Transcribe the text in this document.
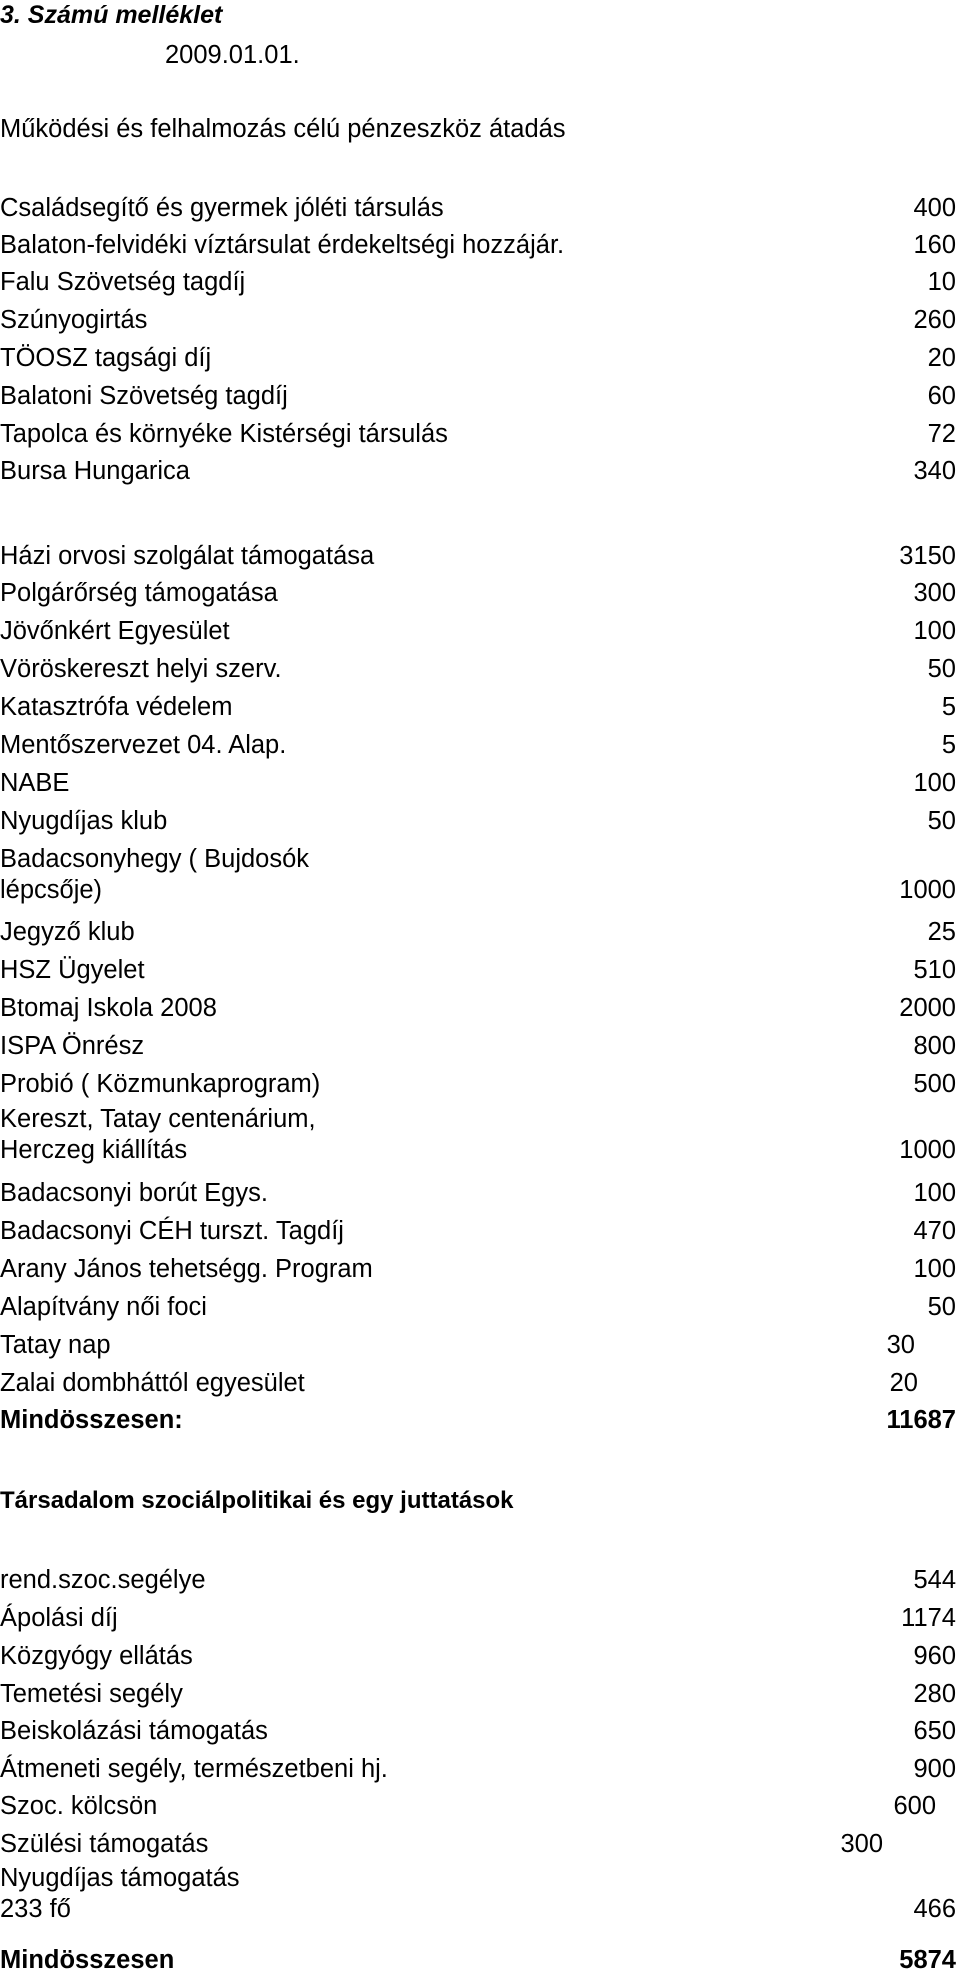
3. Számú melléklet
2009.01.01.
Működési és felhalmozás célú pénzeszköz átadás
Családsegítő és gyermek jóléti társulás	400
Balaton-felvidéki víztársulat érdekeltségi hozzájár.	160
Falu Szövetség tagdíj	10
Szúnyogirtás	260
TÖOSZ tagsági díj	20
Balatoni Szövetség tagdíj	60
Tapolca és környéke Kistérségi társulás	72
Bursa Hungarica	340
Házi orvosi szolgálat támogatása	3150
Polgárőrség támogatása	300
Jövőnkért Egyesület	100
Vöröskereszt helyi szerv.	50
Katasztrófa védelem	5
Mentőszervezet 04. Alap.	5
NABE	100
Nyugdíjas klub	50
Badacsonyhegy ( Bujdosók
lépcsője)	1000
Jegyző klub	25
HSZ Ügyelet	510
Btomaj Iskola 2008	2000
ISPA Önrész	800
Probió ( Közmunkaprogram)	500
Kereszt, Tatay centenárium,
Herczeg kiállítás	1000
Badacsonyi borút Egys.	100
Badacsonyi CÉH turszt. Tagdíj	470
Arany János tehetségg. Program	100
Alapítvány női foci	50
Tatay nap	30
Zalai dombháttól egyesület	20
Mindösszesen:	11687
Társadalom szociálpolitikai és egy juttatások
rend.szoc.segélye	544
Ápolási díj	1174
Közgyógy ellátás	960
Temetési segély	280
Beiskolázási támogatás	650
Átmeneti segély, természetbeni hj.	900
Szoc. kölcsön	600
Szülési támogatás	300
Nyugdíjas támogatás
233 fő	466
Mindösszesen	5874
